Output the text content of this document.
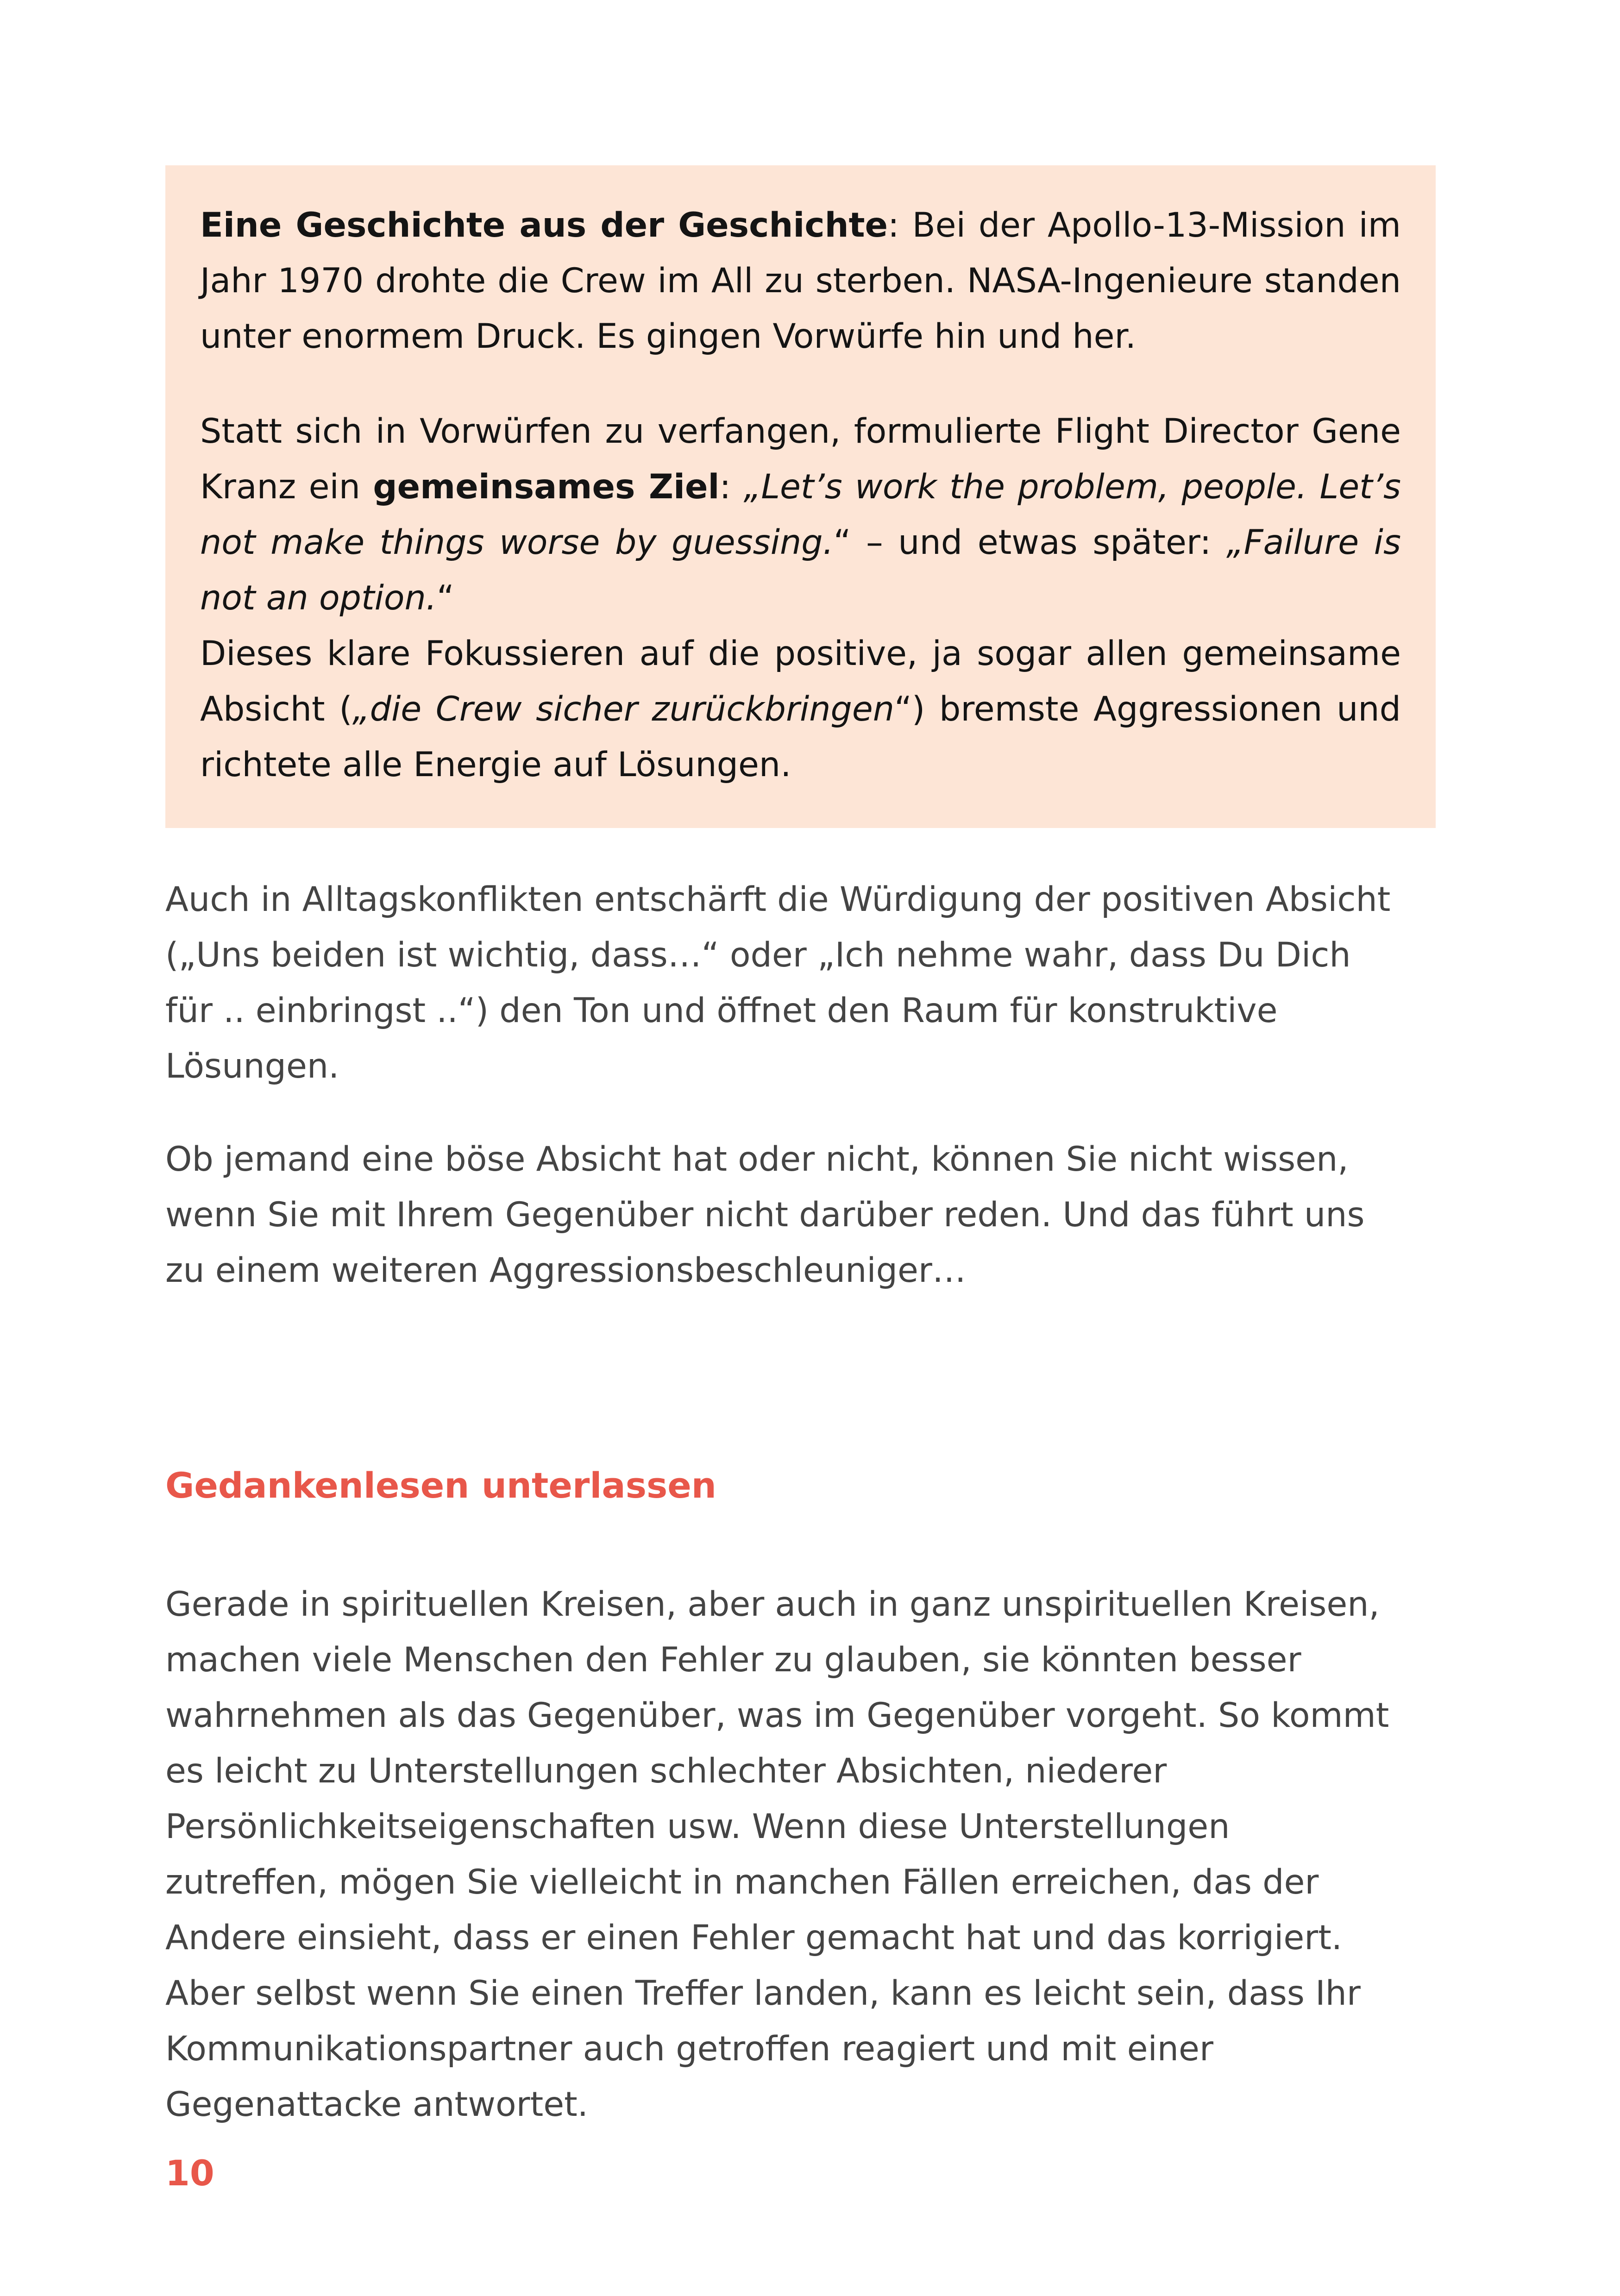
Eine Geschichte aus der Geschichte: Bei der Apollo-13-Mission im Jahr 1970 drohte die Crew im All zu sterben. NASA-Ingenieure standen unter enormem Druck. Es gingen Vorwürfe hin und her.

Statt sich in Vorwürfen zu verfangen, formulierte Flight Director Gene Kranz ein gemeinsames Ziel: „Let’s work the problem, people. Let’s not make things worse by guessing.“ – und etwas später: „Failure is not an option.“

Dieses klare Fokussieren auf die positive, ja sogar allen gemeinsame Absicht („die Crew sicher zurückbringen“) bremste Aggressionen und richtete alle Energie auf Lösungen.

Auch in Alltagskonflikten entschärft die Würdigung der positiven Absicht
(„Uns beiden ist wichtig, dass…“ oder „Ich nehme wahr, dass Du Dich
für .. einbringst ..“) den Ton und öffnet den Raum für konstruktive
Lösungen.

Ob jemand eine böse Absicht hat oder nicht, können Sie nicht wissen,
wenn Sie mit Ihrem Gegenüber nicht darüber reden. Und das führt uns
zu einem weiteren Aggressionsbeschleuniger…

Gedankenlesen unterlassen

Gerade in spirituellen Kreisen, aber auch in ganz unspirituellen Kreisen,
machen viele Menschen den Fehler zu glauben, sie könnten besser
wahrnehmen als das Gegenüber, was im Gegenüber vorgeht. So kommt
es leicht zu Unterstellungen schlechter Absichten, niederer
Persönlichkeitseigenschaften usw. Wenn diese Unterstellungen
zutreffen, mögen Sie vielleicht in manchen Fällen erreichen, das der
Andere einsieht, dass er einen Fehler gemacht hat und das korrigiert.
Aber selbst wenn Sie einen Treffer landen, kann es leicht sein, dass Ihr
Kommunikationspartner auch getroffen reagiert und mit einer
Gegenattacke antwortet.

10
